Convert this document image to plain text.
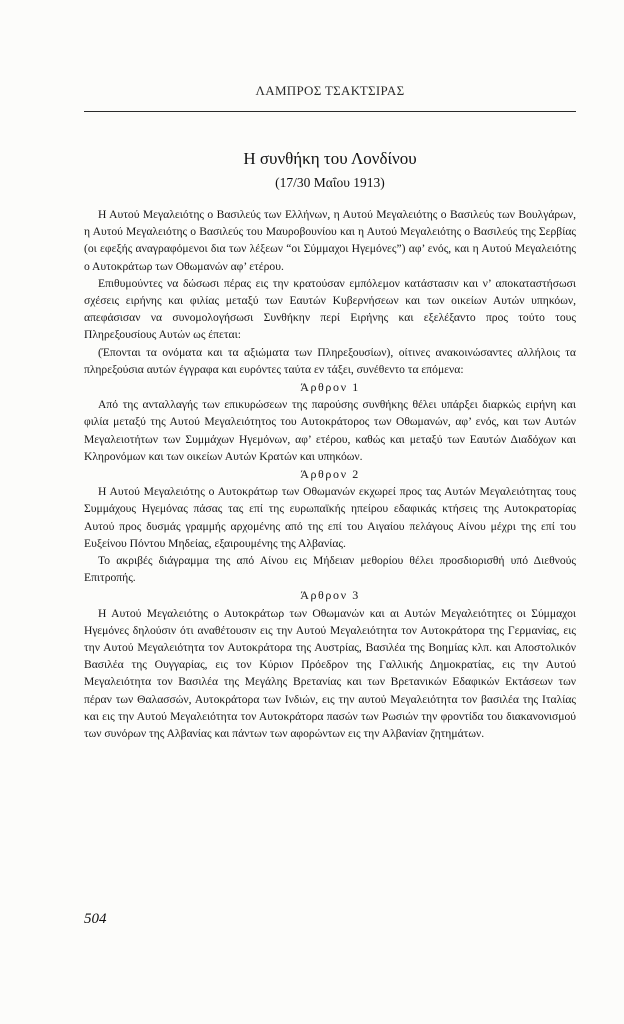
ΛΑΜΠΡΟΣ ΤΣΑΚΤΣΙΡΑΣ
Η συνθήκη του Λονδίνου
(17/30 Μαΐου 1913)

Η Αυτού Μεγαλειότης ο Βασιλεύς των Ελλήνων, η Αυτού Μεγαλειότης ο Βασιλεύς των Βουλγάρων, η Αυτού Μεγαλειότης ο Βασιλεύς του Μαυροβουνίου και η Αυτού Μεγαλειότης ο Βασιλεύς της Σερβίας (οι εφεξής αναγραφόμενοι δια των λέξεων “οι Σύμμαχοι Ηγεμόνες”) αφ’ ενός, και η Αυτού Μεγαλειότης ο Αυτοκράτωρ των Οθωμανών αφ’ ετέρου.

Επιθυμούντες να δώσωσι πέρας εις την κρατούσαν εμπόλεμον κατάστασιν και ν’ αποκαταστήσωσι σχέσεις ειρήνης και φιλίας μεταξύ των Εαυτών Κυβερνήσεων και των οικείων Αυτών υπηκόων, απεφάσισαν να συνομολογήσωσι Συνθήκην περί Ειρήνης και εξελέξαντο προς τούτο τους Πληρεξουσίους Αυτών ως έπεται:

(Έπονται τα ονόματα και τα αξιώματα των Πληρεξουσίων), οίτινες ανακοινώσαντες αλλήλοις τα πληρεξούσια αυτών έγγραφα και ευρόντες ταύτα εν τάξει, συνέθεντο τα επόμενα:

Άρθρον 1

Από της ανταλλαγής των επικυρώσεων της παρούσης συνθήκης θέλει υπάρξει διαρκώς ειρήνη και φιλία μεταξύ της Αυτού Μεγαλειότητος του Αυτοκράτορος των Οθωμανών, αφ’ ενός, και των Αυτών Μεγαλειοτήτων των Συμμάχων Ηγεμόνων, αφ’ ετέρου, καθώς και μεταξύ των Εαυτών Διαδόχων και Κληρονόμων και των οικείων Αυτών Κρατών και υπηκόων.

Άρθρον 2

Η Αυτού Μεγαλειότης ο Αυτοκράτωρ των Οθωμανών εκχωρεί προς τας Αυτών Μεγαλειότητας τους Συμμάχους Ηγεμόνας πάσας τας επί της ευρωπαϊκής ηπείρου εδαφικάς κτήσεις της Αυτοκρατορίας Αυτού προς δυσμάς γραμμής αρχομένης από της επί του Αιγαίου πελάγους Αίνου μέχρι της επί του Ευξείνου Πόντου Μηδείας, εξαιρουμένης της Αλβανίας.

Το ακριβές διάγραμμα της από Αίνου εις Μήδειαν μεθορίου θέλει προσδιορισθή υπό Διεθνούς Επιτροπής.

Άρθρον 3

Η Αυτού Μεγαλειότης ο Αυτοκράτωρ των Οθωμανών και αι Αυτών Μεγαλειότητες οι Σύμμαχοι Ηγεμόνες δηλούσιν ότι αναθέτουσιν εις την Αυτού Μεγαλειότητα τον Αυτοκράτορα της Γερμανίας, εις την Αυτού Μεγαλειότητα τον Αυτοκράτορα της Αυστρίας, Βασιλέα της Βοημίας κλπ. και Αποστολικόν Βασιλέα της Ουγγαρίας, εις τον Κύριον Πρόεδρον της Γαλλικής Δημοκρατίας, εις την Αυτού Μεγαλειότητα τον Βασιλέα της Μεγάλης Βρετανίας και των Βρετανικών Εδαφικών Εκτάσεων των πέραν των Θαλασσών, Αυτοκράτορα των Ινδιών, εις την αυτού Μεγαλειότητα τον βασιλέα της Ιταλίας και εις την Αυτού Μεγαλειότητα τον Αυτοκράτορα πασών των Ρωσιών την φροντίδα του διακανονισμού των συνόρων της Αλβανίας και πάντων των αφορώντων εις την Αλβανίαν ζητημάτων.

504
